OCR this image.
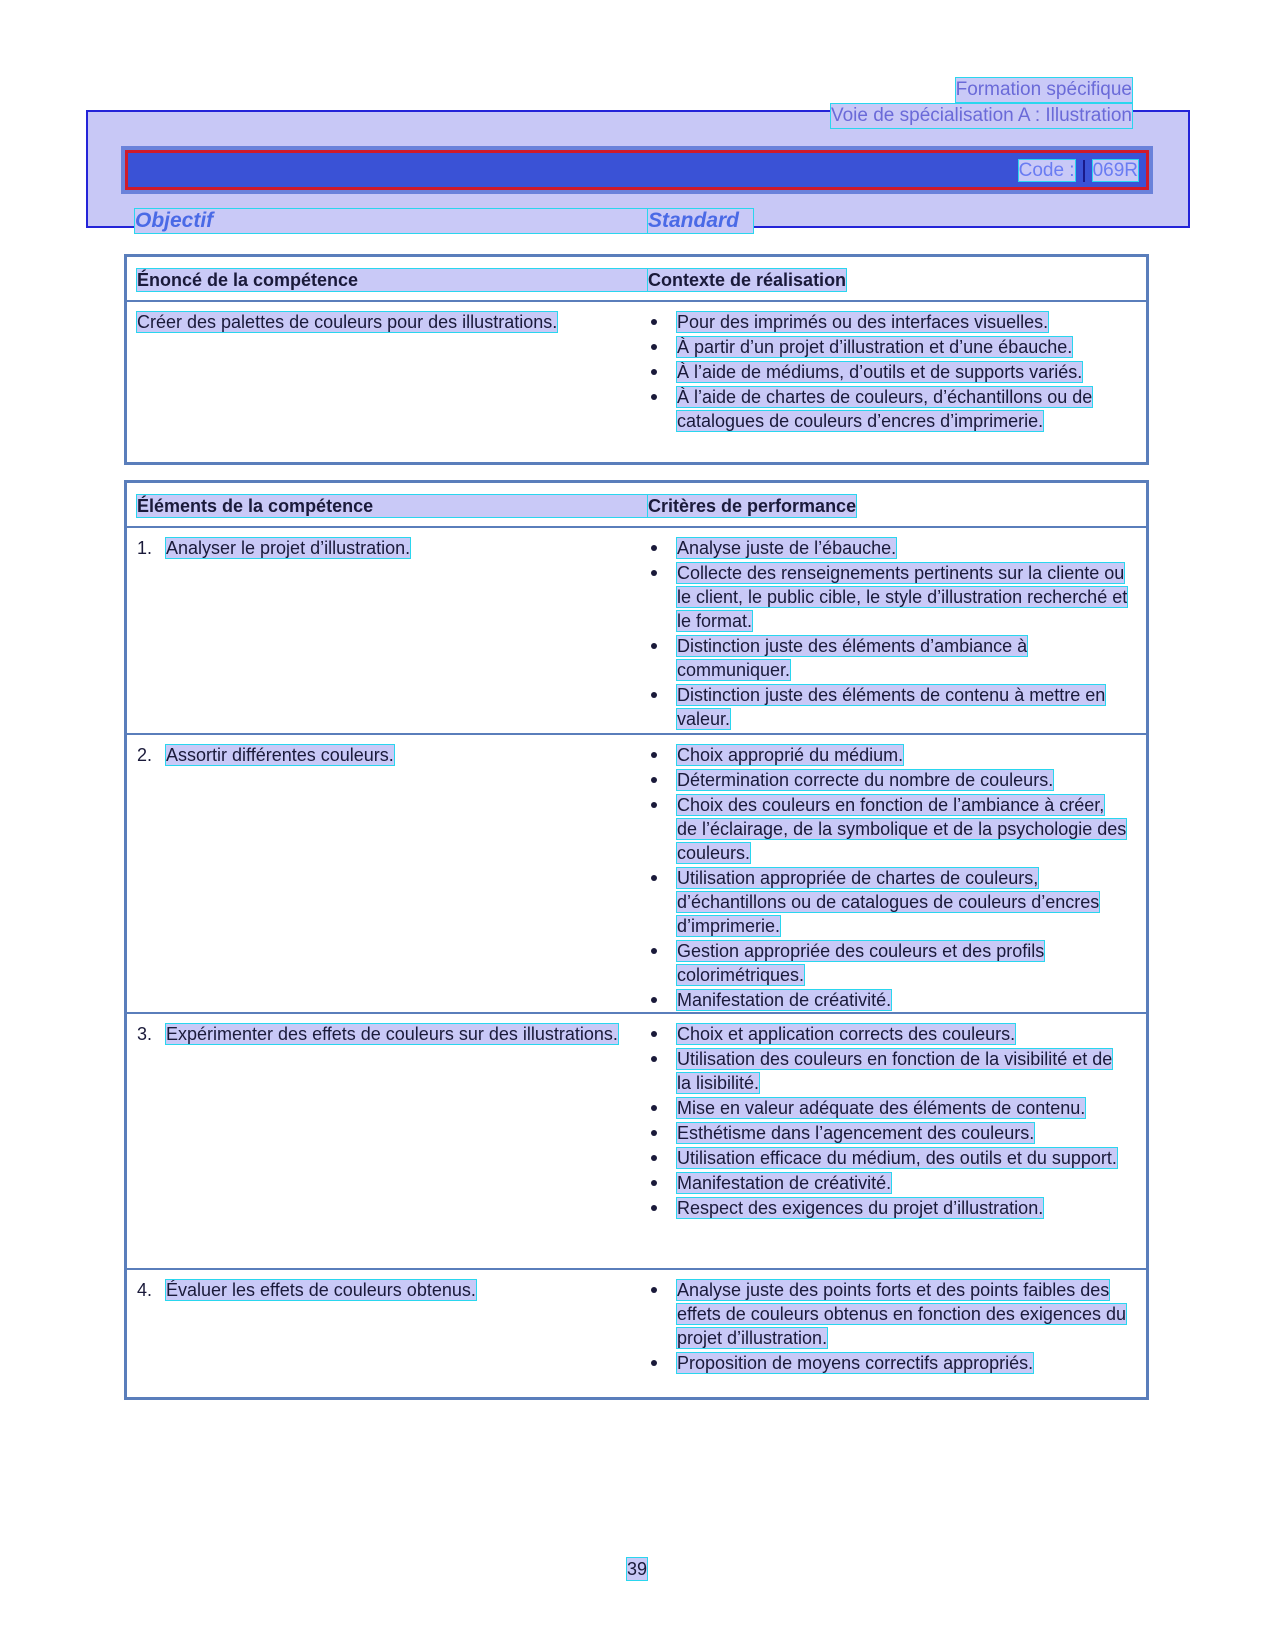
Formation spécifique
Voie de spécialisation A : Illustration
Code : 069R
Objectif	Standard
Énoncé de la compétence	Contexte de réalisation
Créer des palettes de couleurs pour des illustrations.	Pour des imprimés ou des interfaces visuelles.
À partir d’un projet d’illustration et d’une ébauche.
À l’aide de médiums, d’outils et de supports variés.
À l’aide de chartes de couleurs, d’échantillons ou de catalogues de couleurs d’encres d’imprimerie.
Éléments de la compétence	Critères de performance
1. Analyser le projet d’illustration.	Analyse juste de l’ébauche.
Collecte des renseignements pertinents sur la cliente ou le client, le public cible, le style d’illustration recherché et le format.
Distinction juste des éléments d’ambiance à communiquer.
Distinction juste des éléments de contenu à mettre en valeur.
2. Assortir différentes couleurs.	Choix approprié du médium.
Détermination correcte du nombre de couleurs.
Choix des couleurs en fonction de l’ambiance à créer, de l’éclairage, de la symbolique et de la psychologie des couleurs.
Utilisation appropriée de chartes de couleurs, d’échantillons ou de catalogues de couleurs d’encres d’imprimerie.
Gestion appropriée des couleurs et des profils colorimétriques.
Manifestation de créativité.
3. Expérimenter des effets de couleurs sur des illustrations.	Choix et application corrects des couleurs.
Utilisation des couleurs en fonction de la visibilité et de la lisibilité.
Mise en valeur adéquate des éléments de contenu.
Esthétisme dans l’agencement des couleurs.
Utilisation efficace du médium, des outils et du support.
Manifestation de créativité.
Respect des exigences du projet d’illustration.
4. Évaluer les effets de couleurs obtenus.	Analyse juste des points forts et des points faibles des effets de couleurs obtenus en fonction des exigences du projet d’illustration.
Proposition de moyens correctifs appropriés.
39
